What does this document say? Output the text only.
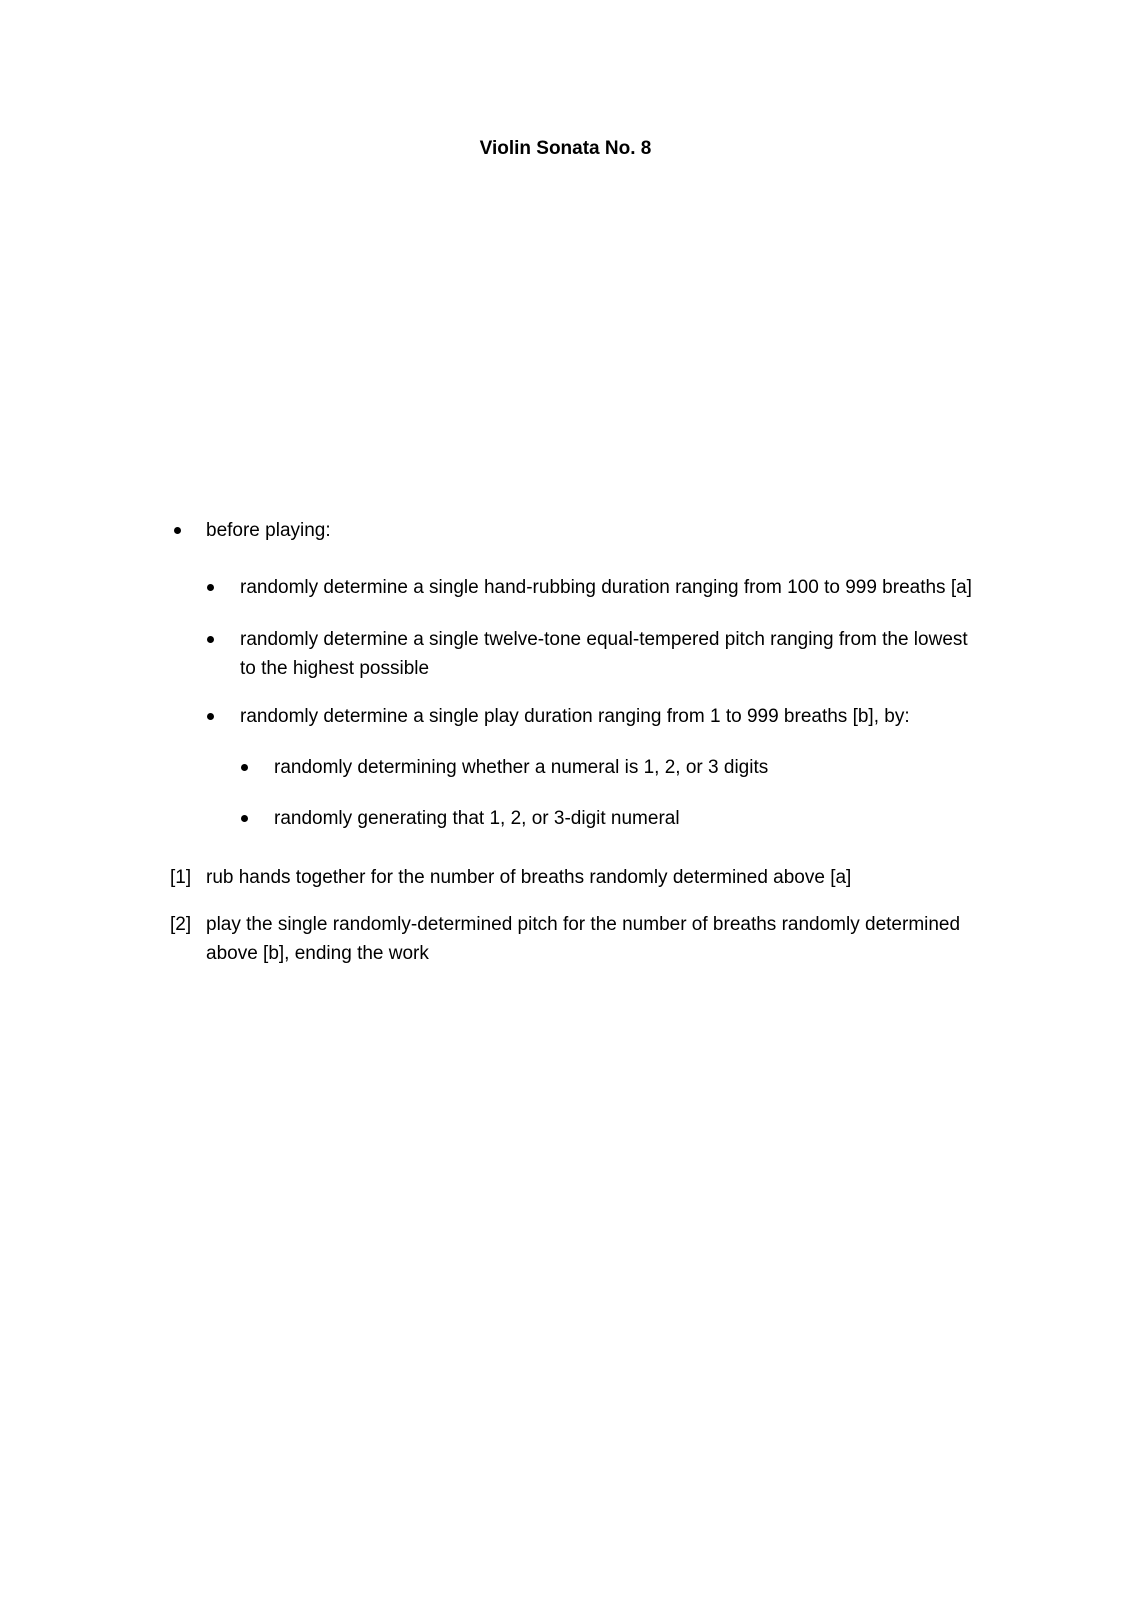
Violin Sonata No. 8
before playing:
randomly determine a single hand-rubbing duration ranging from 100 to 999 breaths [a]
randomly determine a single twelve-tone equal-tempered pitch ranging from the lowest
to the highest possible
randomly determine a single play duration ranging from 1 to 999 breaths [b], by:
randomly determining whether a numeral is 1, 2, or 3 digits
randomly generating that 1, 2, or 3-digit numeral
[1] rub hands together for the number of breaths randomly determined above [a]
[2] play the single randomly-determined pitch for the number of breaths randomly determined
above [b], ending the work
